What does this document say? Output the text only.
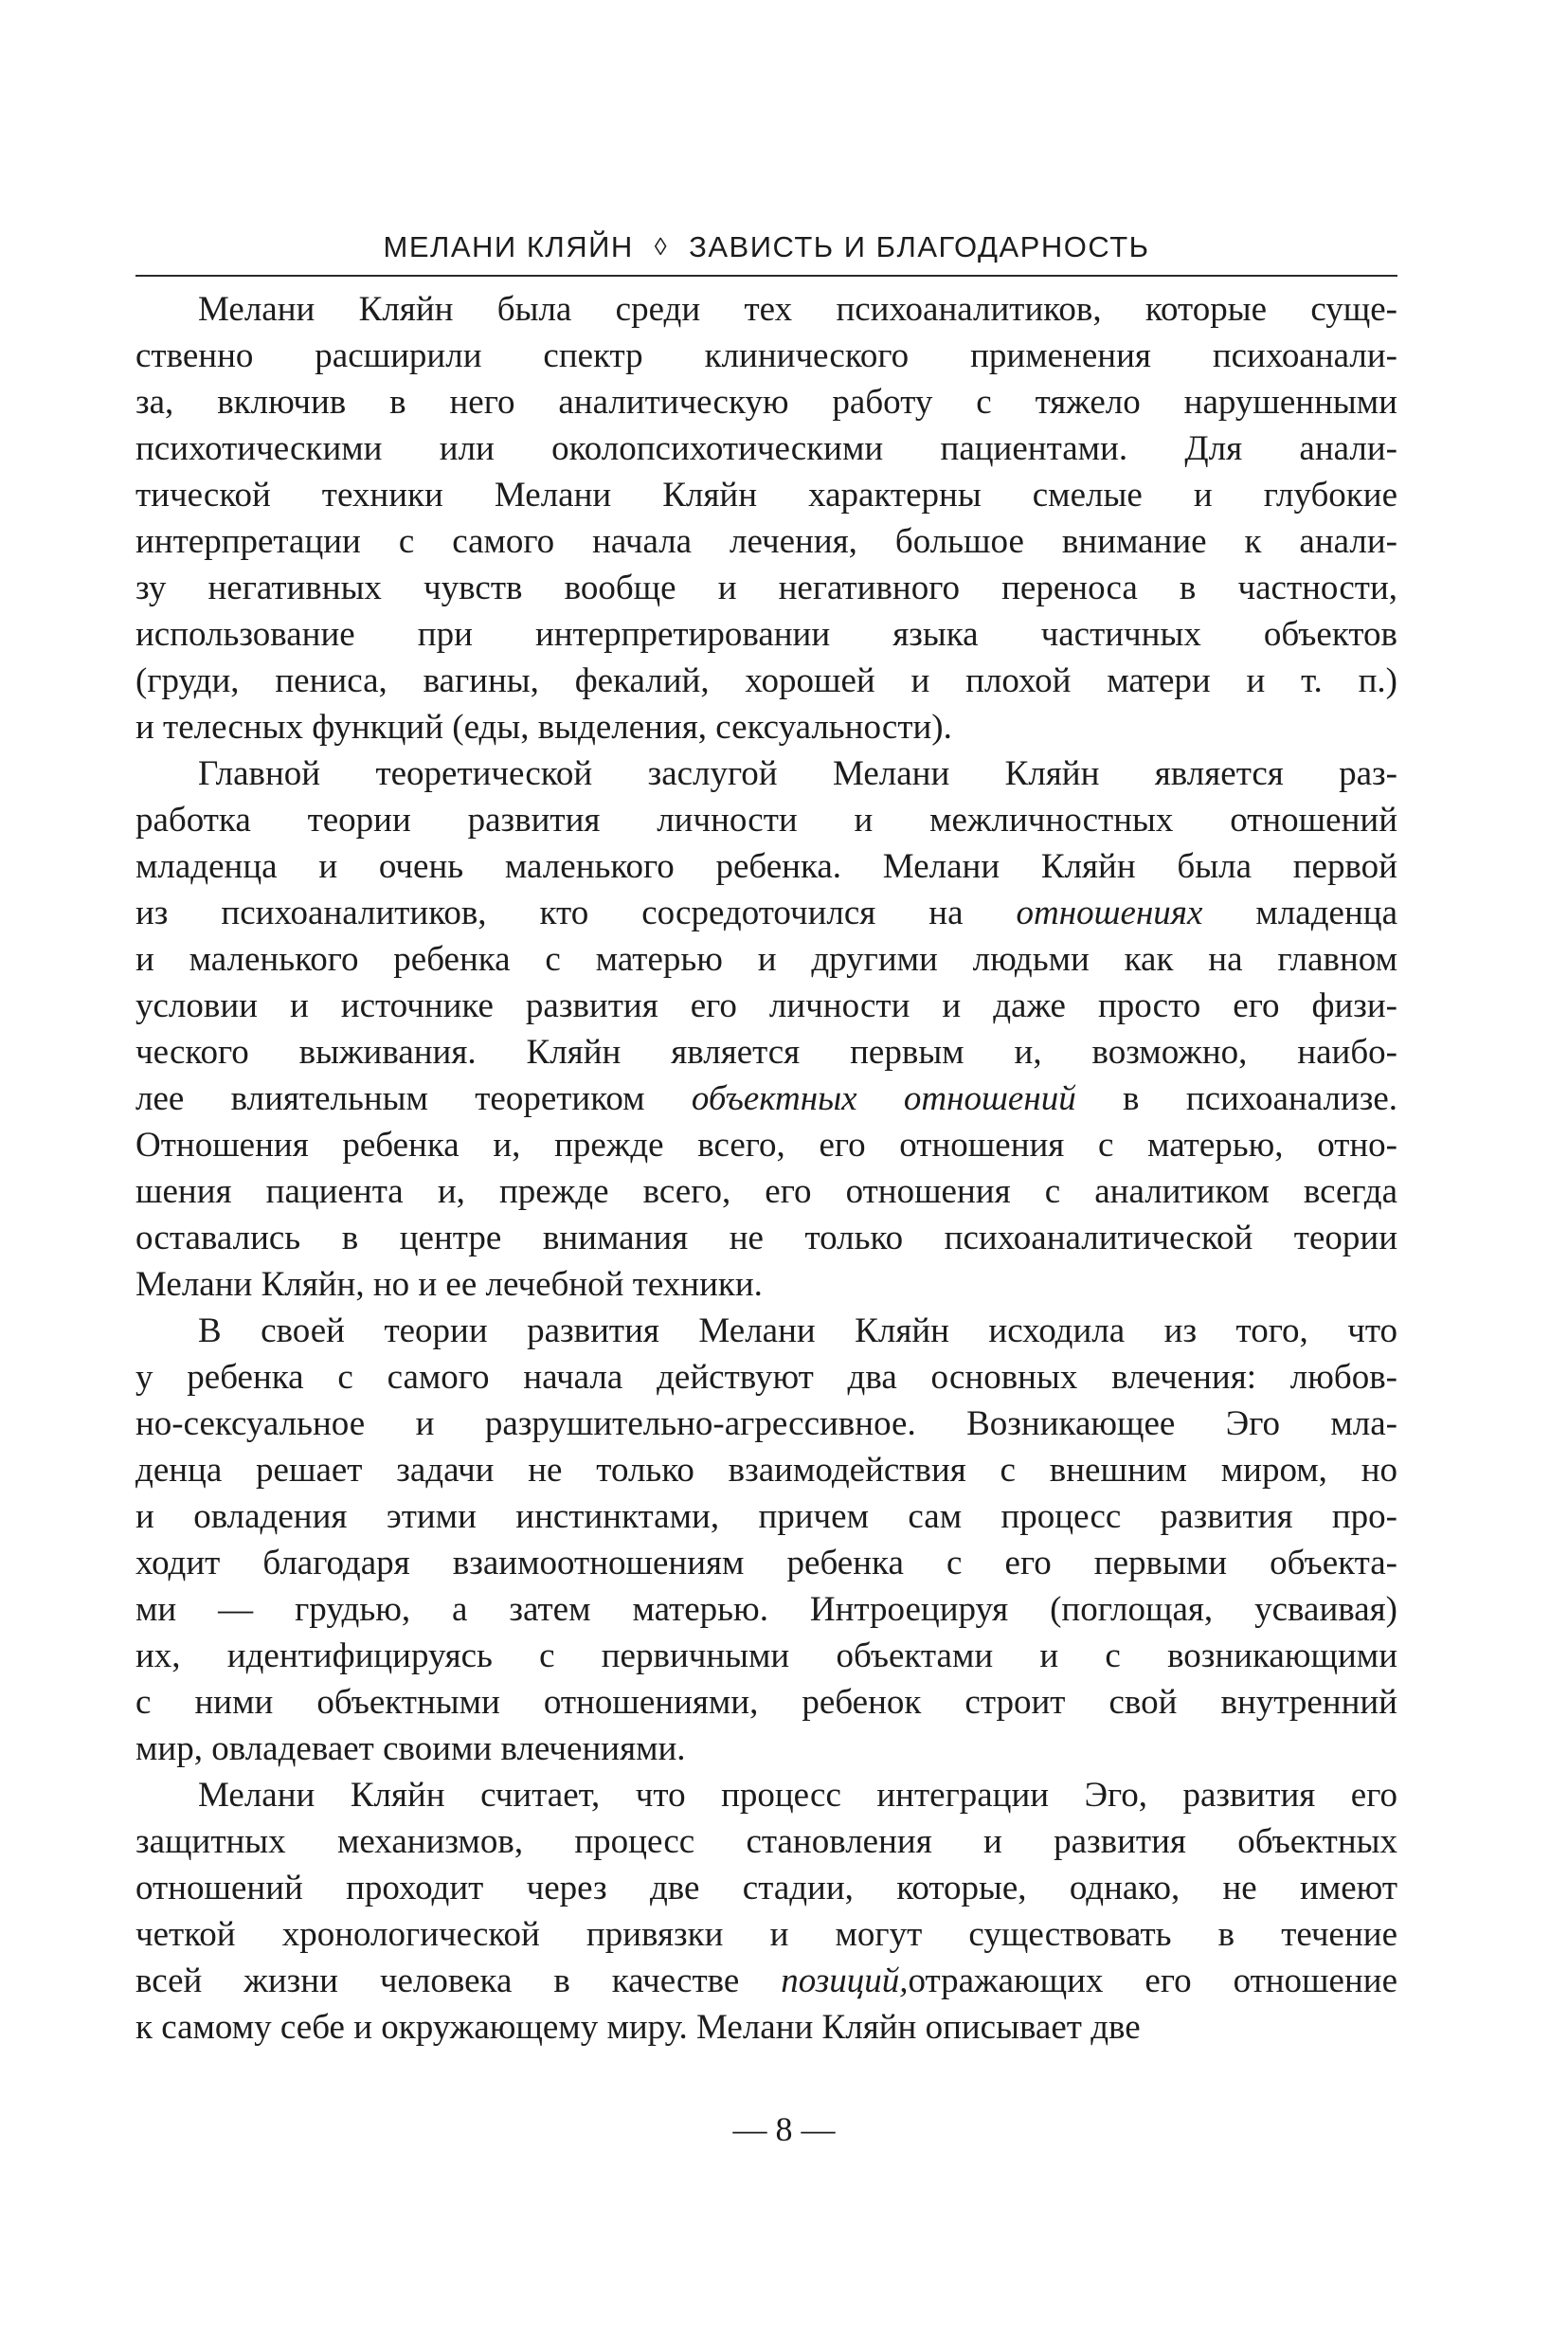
МЕЛАНИ КЛЯЙН ◊ ЗАВИСТЬ И БЛАГОДАРНОСТЬ
Мелани Кляйн была среди тех психоаналитиков, которые суще-
ственно расширили спектр клинического применения психоанали-
за, включив в него аналитическую работу с тяжело нарушенными
психотическими или околопсихотическими пациентами. Для анали-
тической техники Мелани Кляйн характерны смелые и глубокие
интерпретации с самого начала лечения, большое внимание к анали-
зу негативных чувств вообще и негативного переноса в частности,
использование при интерпретировании языка частичных объектов
(груди, пениса, вагины, фекалий, хорошей и плохой матери и т. п.)
и телесных функций (еды, выделения, сексуальности).
Главной теоретической заслугой Мелани Кляйн является раз-
работка теории развития личности и межличностных отношений
младенца и очень маленького ребенка. Мелани Кляйн была первой
из психоаналитиков, кто сосредоточился на отношениях младенца
и маленького ребенка с матерью и другими людьми как на главном
условии и источнике развития его личности и даже просто его физи-
ческого выживания. Кляйн является первым и, возможно, наибо-
лее влиятельным теоретиком объектных отношений в психоанализе.
Отношения ребенка и, прежде всего, его отношения с матерью, отно-
шения пациента и, прежде всего, его отношения с аналитиком всегда
оставались в центре внимания не только психоаналитической теории
Мелани Кляйн, но и ее лечебной техники.
В своей теории развития Мелани Кляйн исходила из того, что
у ребенка с самого начала действуют два основных влечения: любов-
но-сексуальное и разрушительно-агрессивное. Возникающее Эго мла-
денца решает задачи не только взаимодействия с внешним миром, но
и овладения этими инстинктами, причем сам процесс развития про-
ходит благодаря взаимоотношениям ребенка с его первыми объекта-
ми — грудью, а затем матерью. Интроецируя (поглощая, усваивая)
их, идентифицируясь с первичными объектами и с возникающими
с ними объектными отношениями, ребенок строит свой внутренний
мир, овладевает своими влечениями.
Мелани Кляйн считает, что процесс интеграции Эго, развития его
защитных механизмов, процесс становления и развития объектных
отношений проходит через две стадии, которые, однако, не имеют
четкой хронологической привязки и могут существовать в течение
всей жизни человека в качестве позиций,отражающих его отношение
к самому себе и окружающему миру. Мелани Кляйн описывает две
— 8 —
